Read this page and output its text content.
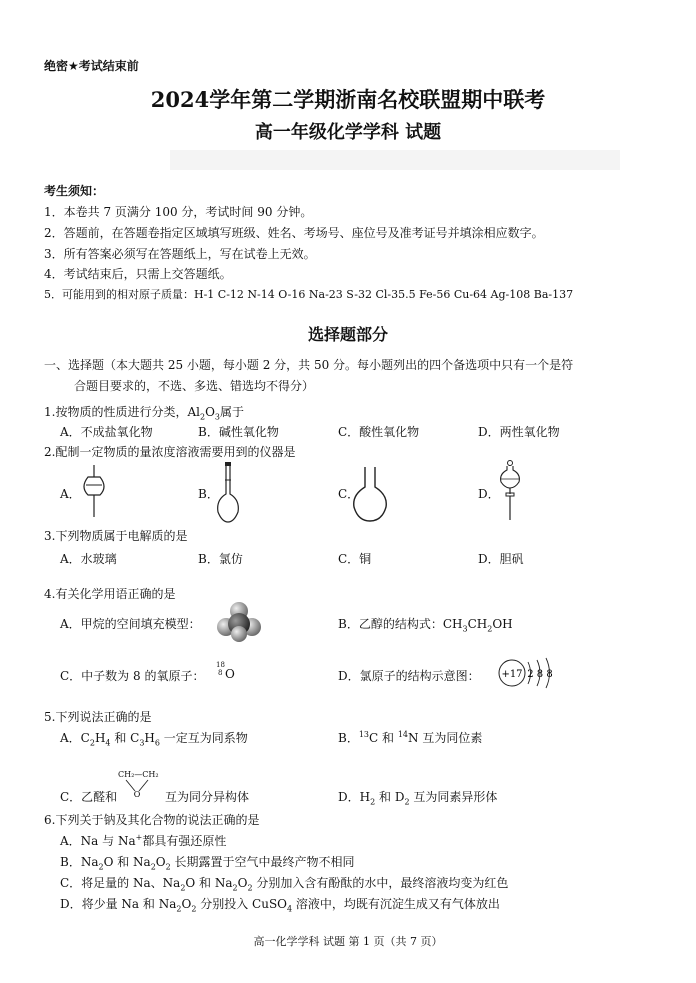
绝密★考试结束前
2024学年第二学期浙南名校联盟期中联考
高一年级化学学科 试题
考生须知：
1．本卷共 7 页满分 100 分，考试时间 90 分钟。
2．答题前，在答题卷指定区域填写班级、姓名、考场号、座位号及准考证号并填涂相应数字。
3．所有答案必须写在答题纸上，写在试卷上无效。
4．考试结束后，只需上交答题纸。
5．可能用到的相对原子质量：H-1 C-12 N-14 O-16 Na-23 S-32 Cl-35.5 Fe-56 Cu-64 Ag-108 Ba-137
选择题部分
一、选择题（本大题共 25 小题，每小题 2 分，共 50 分。每小题列出的四个备选项中只有一个是符
合题目要求的，不选、多选、错选均不得分）
1.按物质的性质进行分类，$Al_2O_3$属于
A．不成盐氧化物	B．碱性氧化物	C．酸性氧化物	D．两性氧化物
2.配制一定物质的量浓度溶液需要用到的仪器是
A．	B．	C．	D．
3.下列物质属于电解质的是
A．水玻璃	B．氯仿	C．铜	D．胆矾
4.有关化学用语正确的是
A．甲烷的空间填充模型：	B．乙醇的结构式：$CH_3CH_2OH$
C．中子数为 8 的氧原子：
18
8 O	D．氯原子的结构示意图： +17 2 8 8
5.下列说法正确的是
A．$C_2H_4$ 和 $C_3H_6$ 一定互为同系物	B．$^{13}$C 和 $^{14}$N 互为同位素
CH₂—CH₂
O
C．乙醛和	互为同分异构体	D．$H_2$ 和 $D_2$ 互为同素异形体
6.下列关于钠及其化合物的说法正确的是
A．Na 与 Na+都具有强还原性
B．$Na_2O$ 和 $Na_2O_2$ 长期露置于空气中最终产物不相同
C．将足量的 Na、$Na_2O$ 和 $Na_2O_2$ 分别加入含有酚酞的水中，最终溶液均变为红色
D．将少量 Na 和 $Na_2O_2$ 分别投入 CuSO$_4$ 溶液中，均既有沉淀生成又有气体放出
高一化学学科 试题 第 1 页（共 7 页）
